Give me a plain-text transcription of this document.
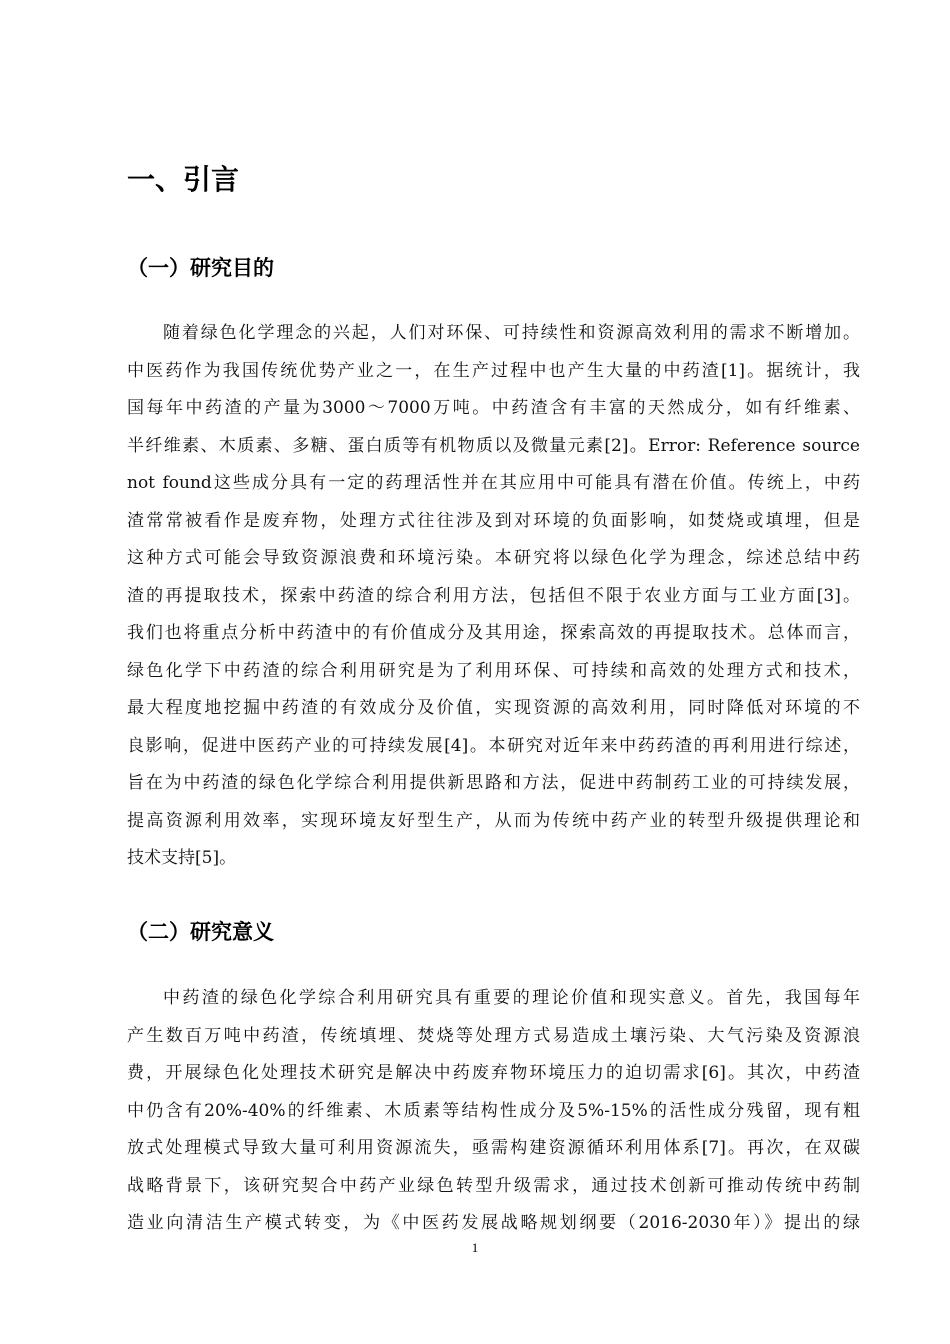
一、引言
（一）研究目的
随着绿色化学理念的兴起，人们对环保、可持续性和资源高效利用的需求不断增加。
中医药作为我国传统优势产业之一，在生产过程中也产生大量的中药渣[1]。据统计，我
国每年中药渣的产量为3000～7000万吨。中药渣含有丰富的天然成分，如有纤维素、
半纤维素、木质素、多糖、蛋白质等有机物质以及微量元素[2]。Error: Reference source
not found这些成分具有一定的药理活性并在其应用中可能具有潜在价值。传统上，中药
渣常常被看作是废弃物，处理方式往往涉及到对环境的负面影响，如焚烧或填埋，但是
这种方式可能会导致资源浪费和环境污染。本研究将以绿色化学为理念，综述总结中药
渣的再提取技术，探索中药渣的综合利用方法，包括但不限于农业方面与工业方面[3]。
我们也将重点分析中药渣中的有价值成分及其用途，探索高效的再提取技术。总体而言，
绿色化学下中药渣的综合利用研究是为了利用环保、可持续和高效的处理方式和技术，
最大程度地挖掘中药渣的有效成分及价值，实现资源的高效利用，同时降低对环境的不
良影响，促进中医药产业的可持续发展[4]。本研究对近年来中药药渣的再利用进行综述，
旨在为中药渣的绿色化学综合利用提供新思路和方法，促进中药制药工业的可持续发展，
提高资源利用效率，实现环境友好型生产，从而为传统中药产业的转型升级提供理论和
技术支持[5]。
（二）研究意义
中药渣的绿色化学综合利用研究具有重要的理论价值和现实意义。首先，我国每年
产生数百万吨中药渣，传统填埋、焚烧等处理方式易造成土壤污染、大气污染及资源浪
费，开展绿色化处理技术研究是解决中药废弃物环境压力的迫切需求[6]。其次，中药渣
中仍含有20%-40%的纤维素、木质素等结构性成分及5%-15%的活性成分残留，现有粗
放式处理模式导致大量可利用资源流失，亟需构建资源循环利用体系[7]。再次，在双碳
战略背景下，该研究契合中药产业绿色转型升级需求，通过技术创新可推动传统中药制
造业向清洁生产模式转变，为《中医药发展战略规划纲要（2016-2030年）》提出的绿
1
